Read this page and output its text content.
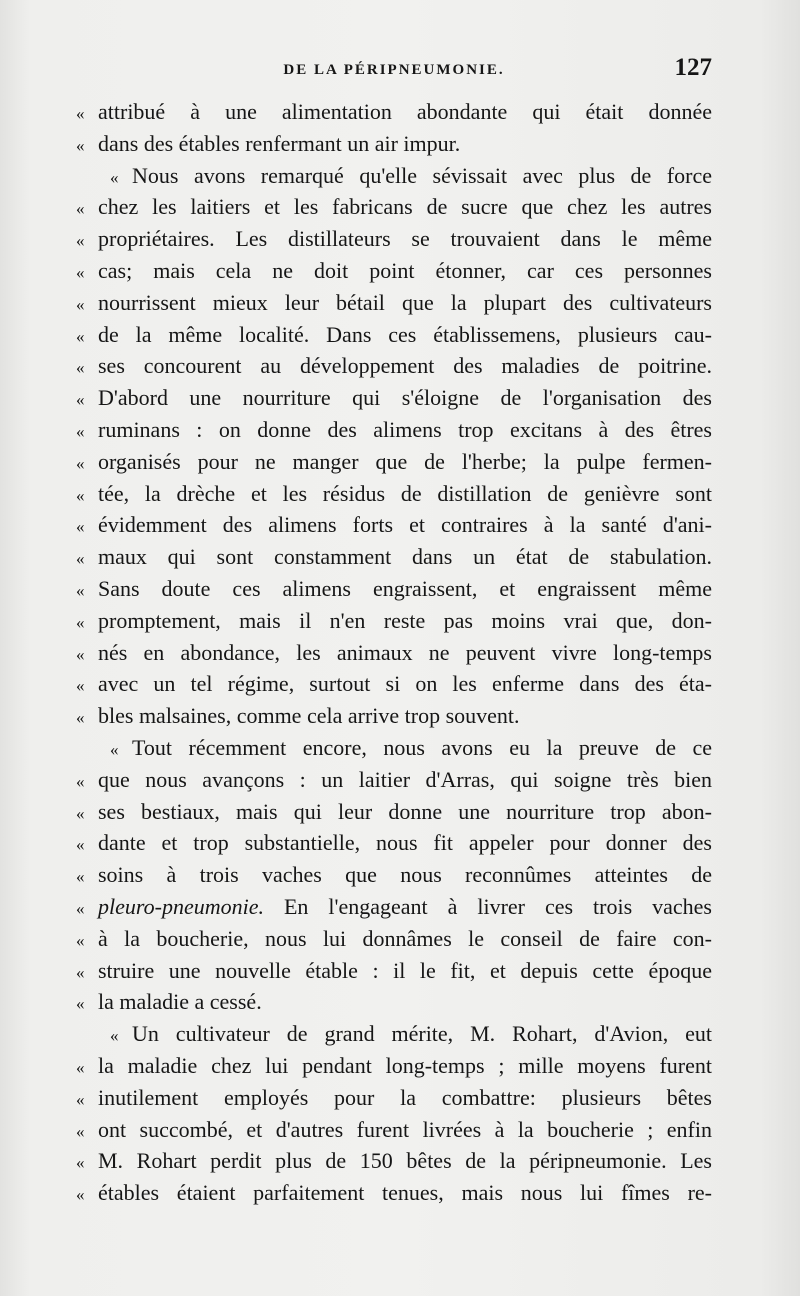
DE LA PÉRIPNEUMONIE.	127
« attribué à une alimentation abondante qui était donnée
« dans des étables renfermant un air impur.
« Nous avons remarqué qu'elle sévissait avec plus de force
« chez les laitiers et les fabricans de sucre que chez les autres
« propriétaires. Les distillateurs se trouvaient dans le même
« cas; mais cela ne doit point étonner, car ces personnes
« nourrissent mieux leur bétail que la plupart des cultivateurs
« de la même localité. Dans ces établissemens, plusieurs cau-
« ses concourent au développement des maladies de poitrine.
« D'abord une nourriture qui s'éloigne de l'organisation des
« ruminans : on donne des alimens trop excitans à des êtres
« organisés pour ne manger que de l'herbe; la pulpe fermen-
« tée, la drèche et les résidus de distillation de genièvre sont
« évidemment des alimens forts et contraires à la santé d'ani-
« maux qui sont constamment dans un état de stabulation.
« Sans doute ces alimens engraissent, et engraissent même
« promptement, mais il n'en reste pas moins vrai que, don-
« nés en abondance, les animaux ne peuvent vivre long-temps
« avec un tel régime, surtout si on les enferme dans des éta-
« bles malsaines, comme cela arrive trop souvent.
« Tout récemment encore, nous avons eu la preuve de ce
« que nous avançons : un laitier d'Arras, qui soigne très bien
« ses bestiaux, mais qui leur donne une nourriture trop abon-
« dante et trop substantielle, nous fit appeler pour donner des
« soins à trois vaches que nous reconnûmes atteintes de
« pleuro-pneumonie. En l'engageant à livrer ces trois vaches
« à la boucherie, nous lui donnâmes le conseil de faire con-
« struire une nouvelle étable : il le fit, et depuis cette époque
« la maladie a cessé.
« Un cultivateur de grand mérite, M. Rohart, d'Avion, eut
« la maladie chez lui pendant long-temps ; mille moyens furent
« inutilement employés pour la combattre: plusieurs bêtes
« ont succombé, et d'autres furent livrées à la boucherie ; enfin
« M. Rohart perdit plus de 150 bêtes de la péripneumonie. Les
« étables étaient parfaitement tenues, mais nous lui fîmes re-
